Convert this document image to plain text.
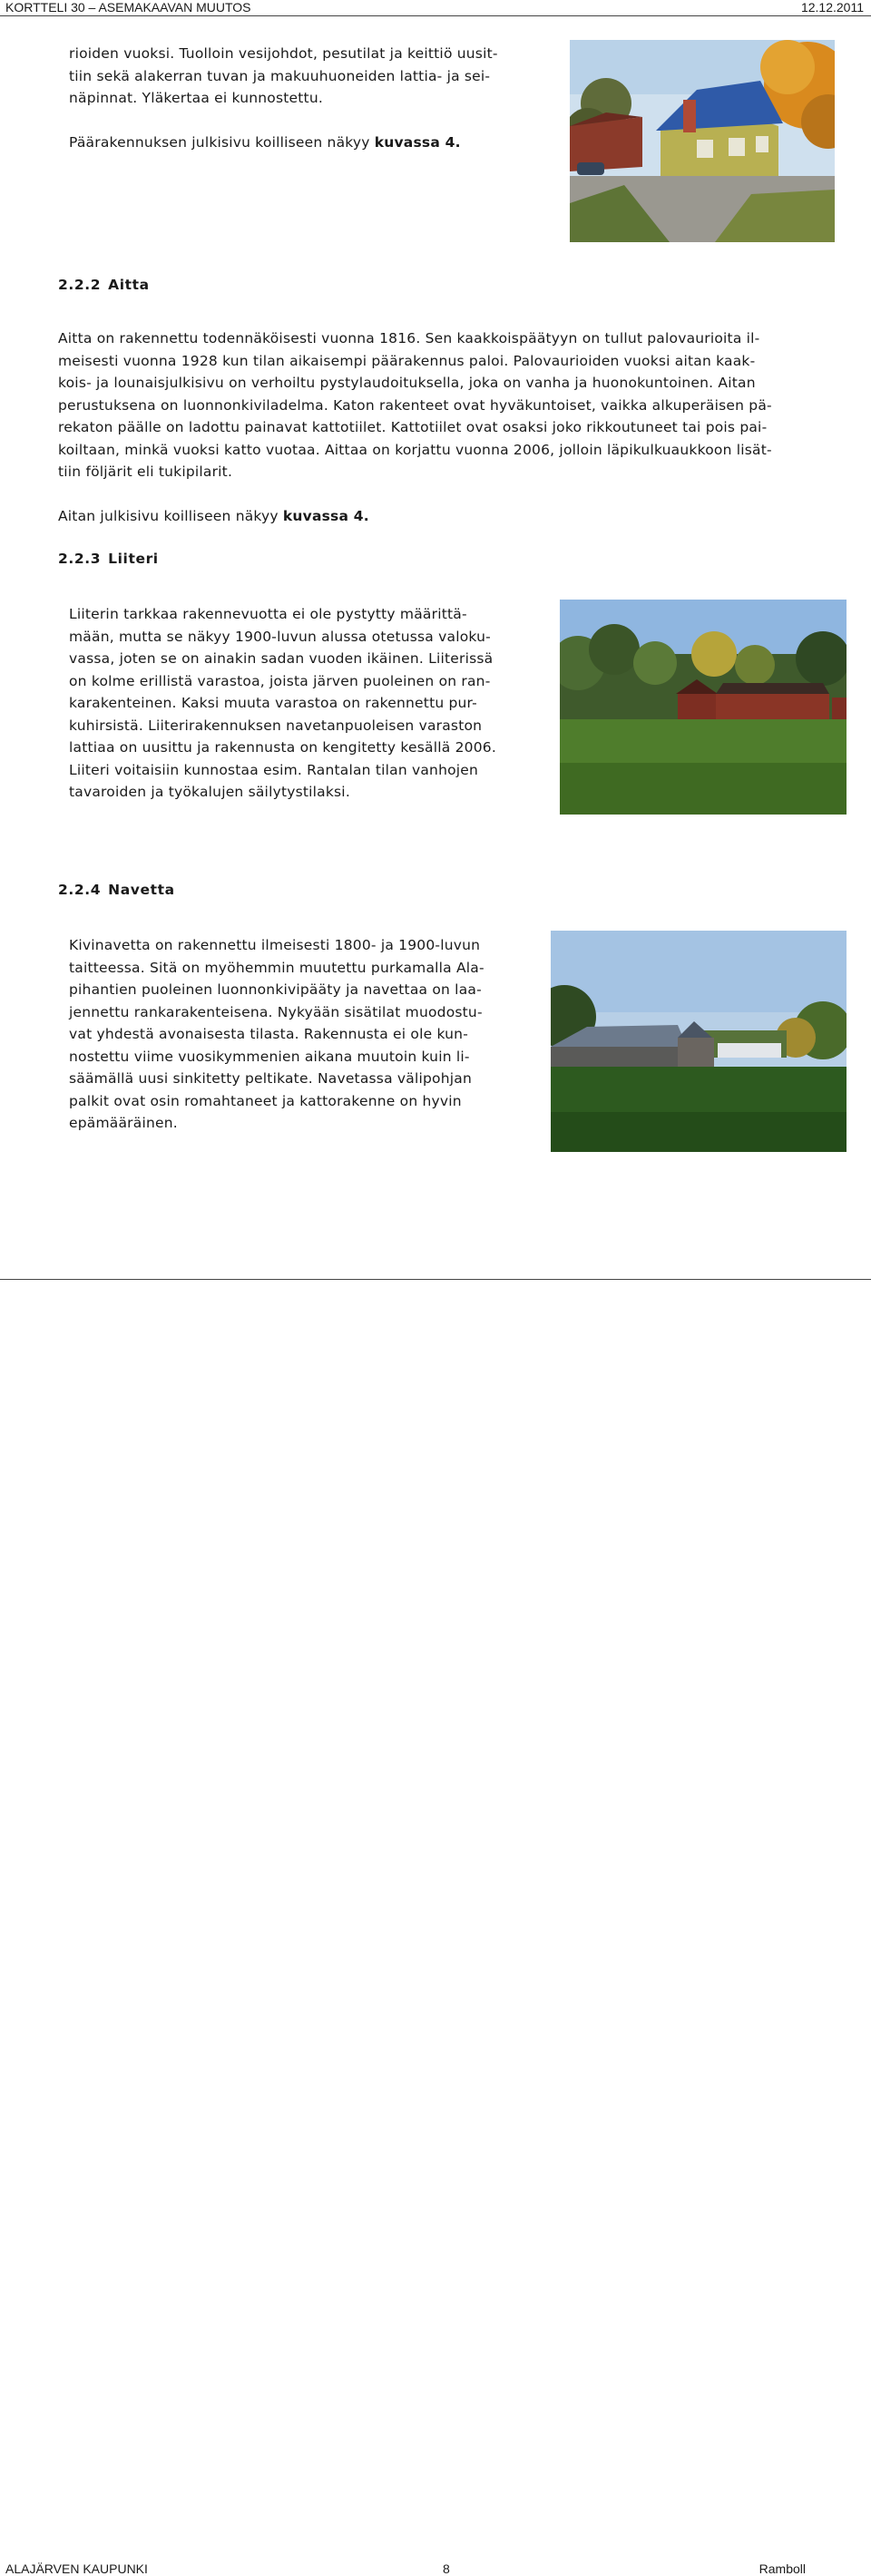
KORTTELI 30 – ASEMAKAAVAN MUUTOS	12.12.2011

rioiden vuoksi. Tuolloin vesijohdot, pesutilat ja keittiö uusit-

tiin sekä alakerran tuvan ja makuuhuoneiden lattia- ja sei-

näpinnat. Yläkertaa ei kunnostettu.

Päärakennuksen julkisivu koilliseen näkyy kuvassa 4.

2.2.2 Aitta

Aitta on rakennettu todennäköisesti vuonna 1816. Sen kaakkoispäätyyn on tullut palovaurioita il-

meisesti vuonna 1928 kun tilan aikaisempi päärakennus paloi. Palovaurioiden vuoksi aitan kaak-

kois- ja lounaisjulkisivu on verhoiltu pystylaudoituksella, joka on vanha ja huonokuntoinen. Aitan

perustuksena on luonnonkiviladelma. Katon rakenteet ovat hyväkuntoiset, vaikka alkuperäisen pä-

rekaton päälle on ladottu painavat kattotiilet. Kattotiilet ovat osaksi joko rikkoutuneet tai pois pai-

koiltaan, minkä vuoksi katto vuotaa. Aittaa on korjattu vuonna 2006, jolloin läpikulkuaukkoon lisät-

tiin följärit eli tukipilarit.

Aitan julkisivu koilliseen näkyy kuvassa 4.

2.2.3 Liiteri

Liiterin tarkkaa rakennevuotta ei ole pystytty määrittä-

mään, mutta se näkyy 1900-luvun alussa otetussa valoku-

vassa, joten se on ainakin sadan vuoden ikäinen. Liiterissä

on kolme erillistä varastoa, joista järven puoleinen on ran-

karakenteinen. Kaksi muuta varastoa on rakennettu pur-

kuhirsistä. Liiterirakennuksen navetanpuoleisen varaston

lattiaa on uusittu ja rakennusta on kengitetty kesällä 2006.

Liiteri voitaisiin kunnostaa esim. Rantalan tilan vanhojen

tavaroiden ja työkalujen säilytystilaksi.

2.2.4 Navetta

Kivinavetta on rakennettu ilmeisesti 1800- ja 1900-luvun

taitteessa. Sitä on myöhemmin muutettu purkamalla Ala-

pihantien puoleinen luonnonkivipääty ja navettaa on laa-

jennettu rankarakenteisena. Nykyään sisätilat muodostu-

vat yhdestä avonaisesta tilasta. Rakennusta ei ole kun-

nostettu viime vuosikymmenien aikana muutoin kuin li-

säämällä uusi sinkitetty peltikate. Navetassa välipohjan

palkit ovat osin romahtaneet ja kattorakenne on hyvin

epämääräinen.

ALAJÄRVEN KAUPUNKI	8	Ramboll
